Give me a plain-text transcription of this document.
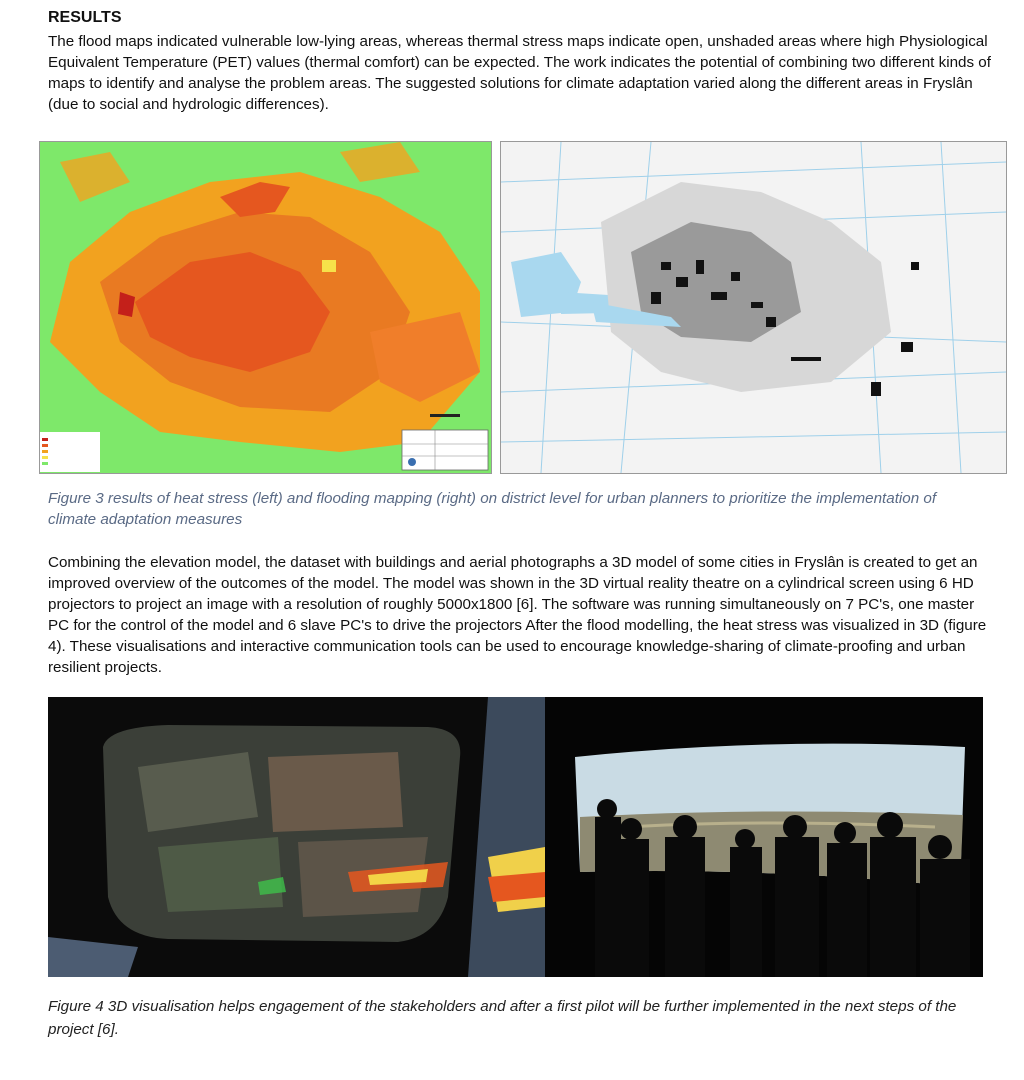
RESULTS

The flood maps indicated vulnerable low-lying areas, whereas thermal stress maps indicate open, unshaded areas where high Physiological Equivalent Temperature (PET) values (thermal comfort) can be expected. The work indicates the potential of combining two different kinds of maps to identify and analyse the problem areas. The suggested solutions for climate adaptation varied along the different areas in Fryslân (due to social and hydrologic differences).

Figure 3 results of heat stress (left) and flooding mapping (right) on district level for urban planners to prioritize the implementation of climate adaptation measures

Combining the elevation model, the dataset with buildings and aerial photographs a 3D model of some cities in Fryslân is created to get an improved overview of the outcomes of the model. The model was shown in the 3D virtual reality theatre on a cylindrical screen using 6 HD projectors to project an image with a resolution of roughly 5000x1800 [6]. The software was running simultaneously on 7 PC's, one master PC for the control of the model and 6 slave PC's to drive the projectors After the flood modelling, the heat stress was visualized in 3D (figure 4). These visualisations and interactive communication tools can be used to encourage knowledge-sharing of climate-proofing and urban resilient projects.

Figure 4 3D visualisation helps engagement of the stakeholders and after a first pilot will be further implemented in the next steps of the project [6].
